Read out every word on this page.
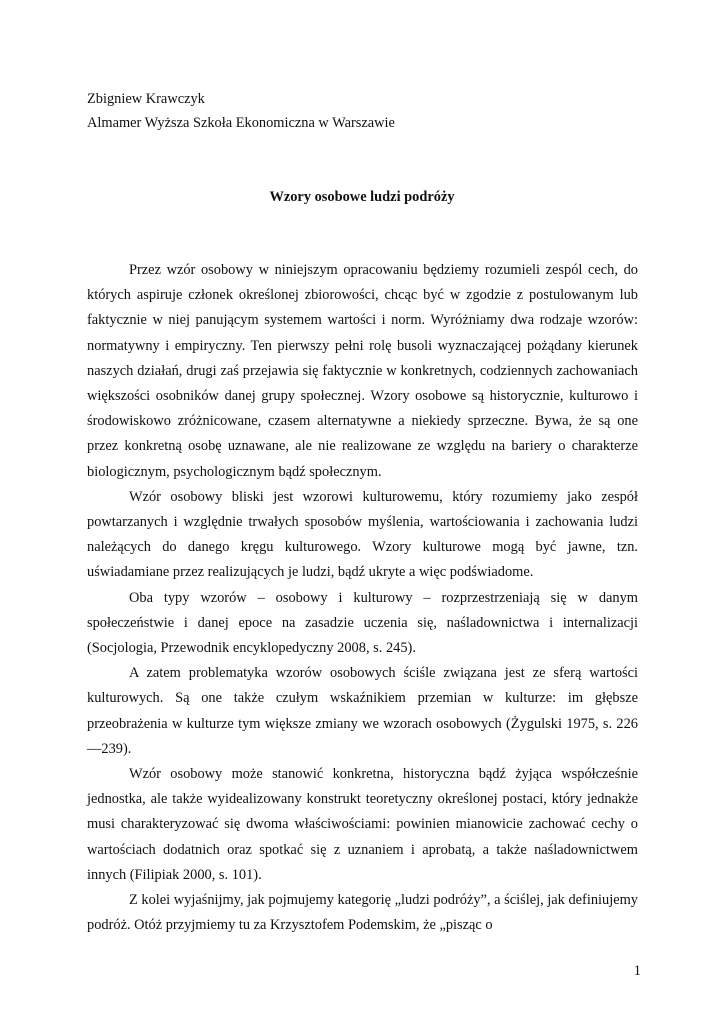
Zbigniew Krawczyk
Almamer Wyższa Szkoła Ekonomiczna w Warszawie
Wzory osobowe ludzi podróży

Przez wzór osobowy w niniejszym opracowaniu będziemy rozumieli zespól cech, do których aspiruje członek określonej zbiorowości, chcąc być w zgodzie z postulowanym lub faktycznie w niej panującym systemem wartości i norm. Wyróżniamy dwa rodzaje wzorów: normatywny i empiryczny. Ten pierwszy pełni rolę busoli wyznaczającej pożądany kierunek naszych działań, drugi zaś przejawia się faktycznie w konkretnych, codziennych zachowaniach większości osobników danej grupy społecznej. Wzory osobowe są historycznie, kulturowo i środowiskowo zróżnicowane, czasem alternatywne a niekiedy sprzeczne. Bywa, że są one przez konkretną osobę uznawane, ale nie realizowane ze względu na bariery o charakterze biologicznym, psychologicznym bądź społecznym.

Wzór osobowy bliski jest wzorowi kulturowemu, który rozumiemy jako zespół powtarzanych i względnie trwałych sposobów myślenia, wartościowania i zachowania ludzi należących do danego kręgu kulturowego. Wzory kulturowe mogą być jawne, tzn. uświadamiane przez realizujących je ludzi, bądź ukryte a więc podświadome.

Oba typy wzorów – osobowy i kulturowy – rozprzestrzeniają się w danym społeczeństwie i danej epoce na zasadzie uczenia się, naśladownictwa i internalizacji (Socjologia, Przewodnik encyklopedyczny 2008, s. 245).

A zatem problematyka wzorów osobowych ściśle związana jest ze sferą wartości kulturowych. Są one także czułym wskaźnikiem przemian w kulturze: im głębsze przeobrażenia w kulturze tym większe zmiany we wzorach osobowych (Żygulski 1975, s. 226—239).

Wzór osobowy może stanowić konkretna, historyczna bądź żyjąca współcześnie jednostka, ale także wyidealizowany konstrukt teoretyczny określonej postaci, który jednakże musi charakteryzować się dwoma właściwościami: powinien mianowicie zachować cechy o wartościach dodatnich oraz spotkać się z uznaniem i aprobatą, a także naśladownictwem innych (Filipiak 2000, s. 101).

Z kolei wyjaśnijmy, jak pojmujemy kategorię „ludzi podróży”, a ściślej, jak definiujemy podróż. Otóż przyjmiemy tu za Krzysztofem Podemskim, że „pisząc o

1
